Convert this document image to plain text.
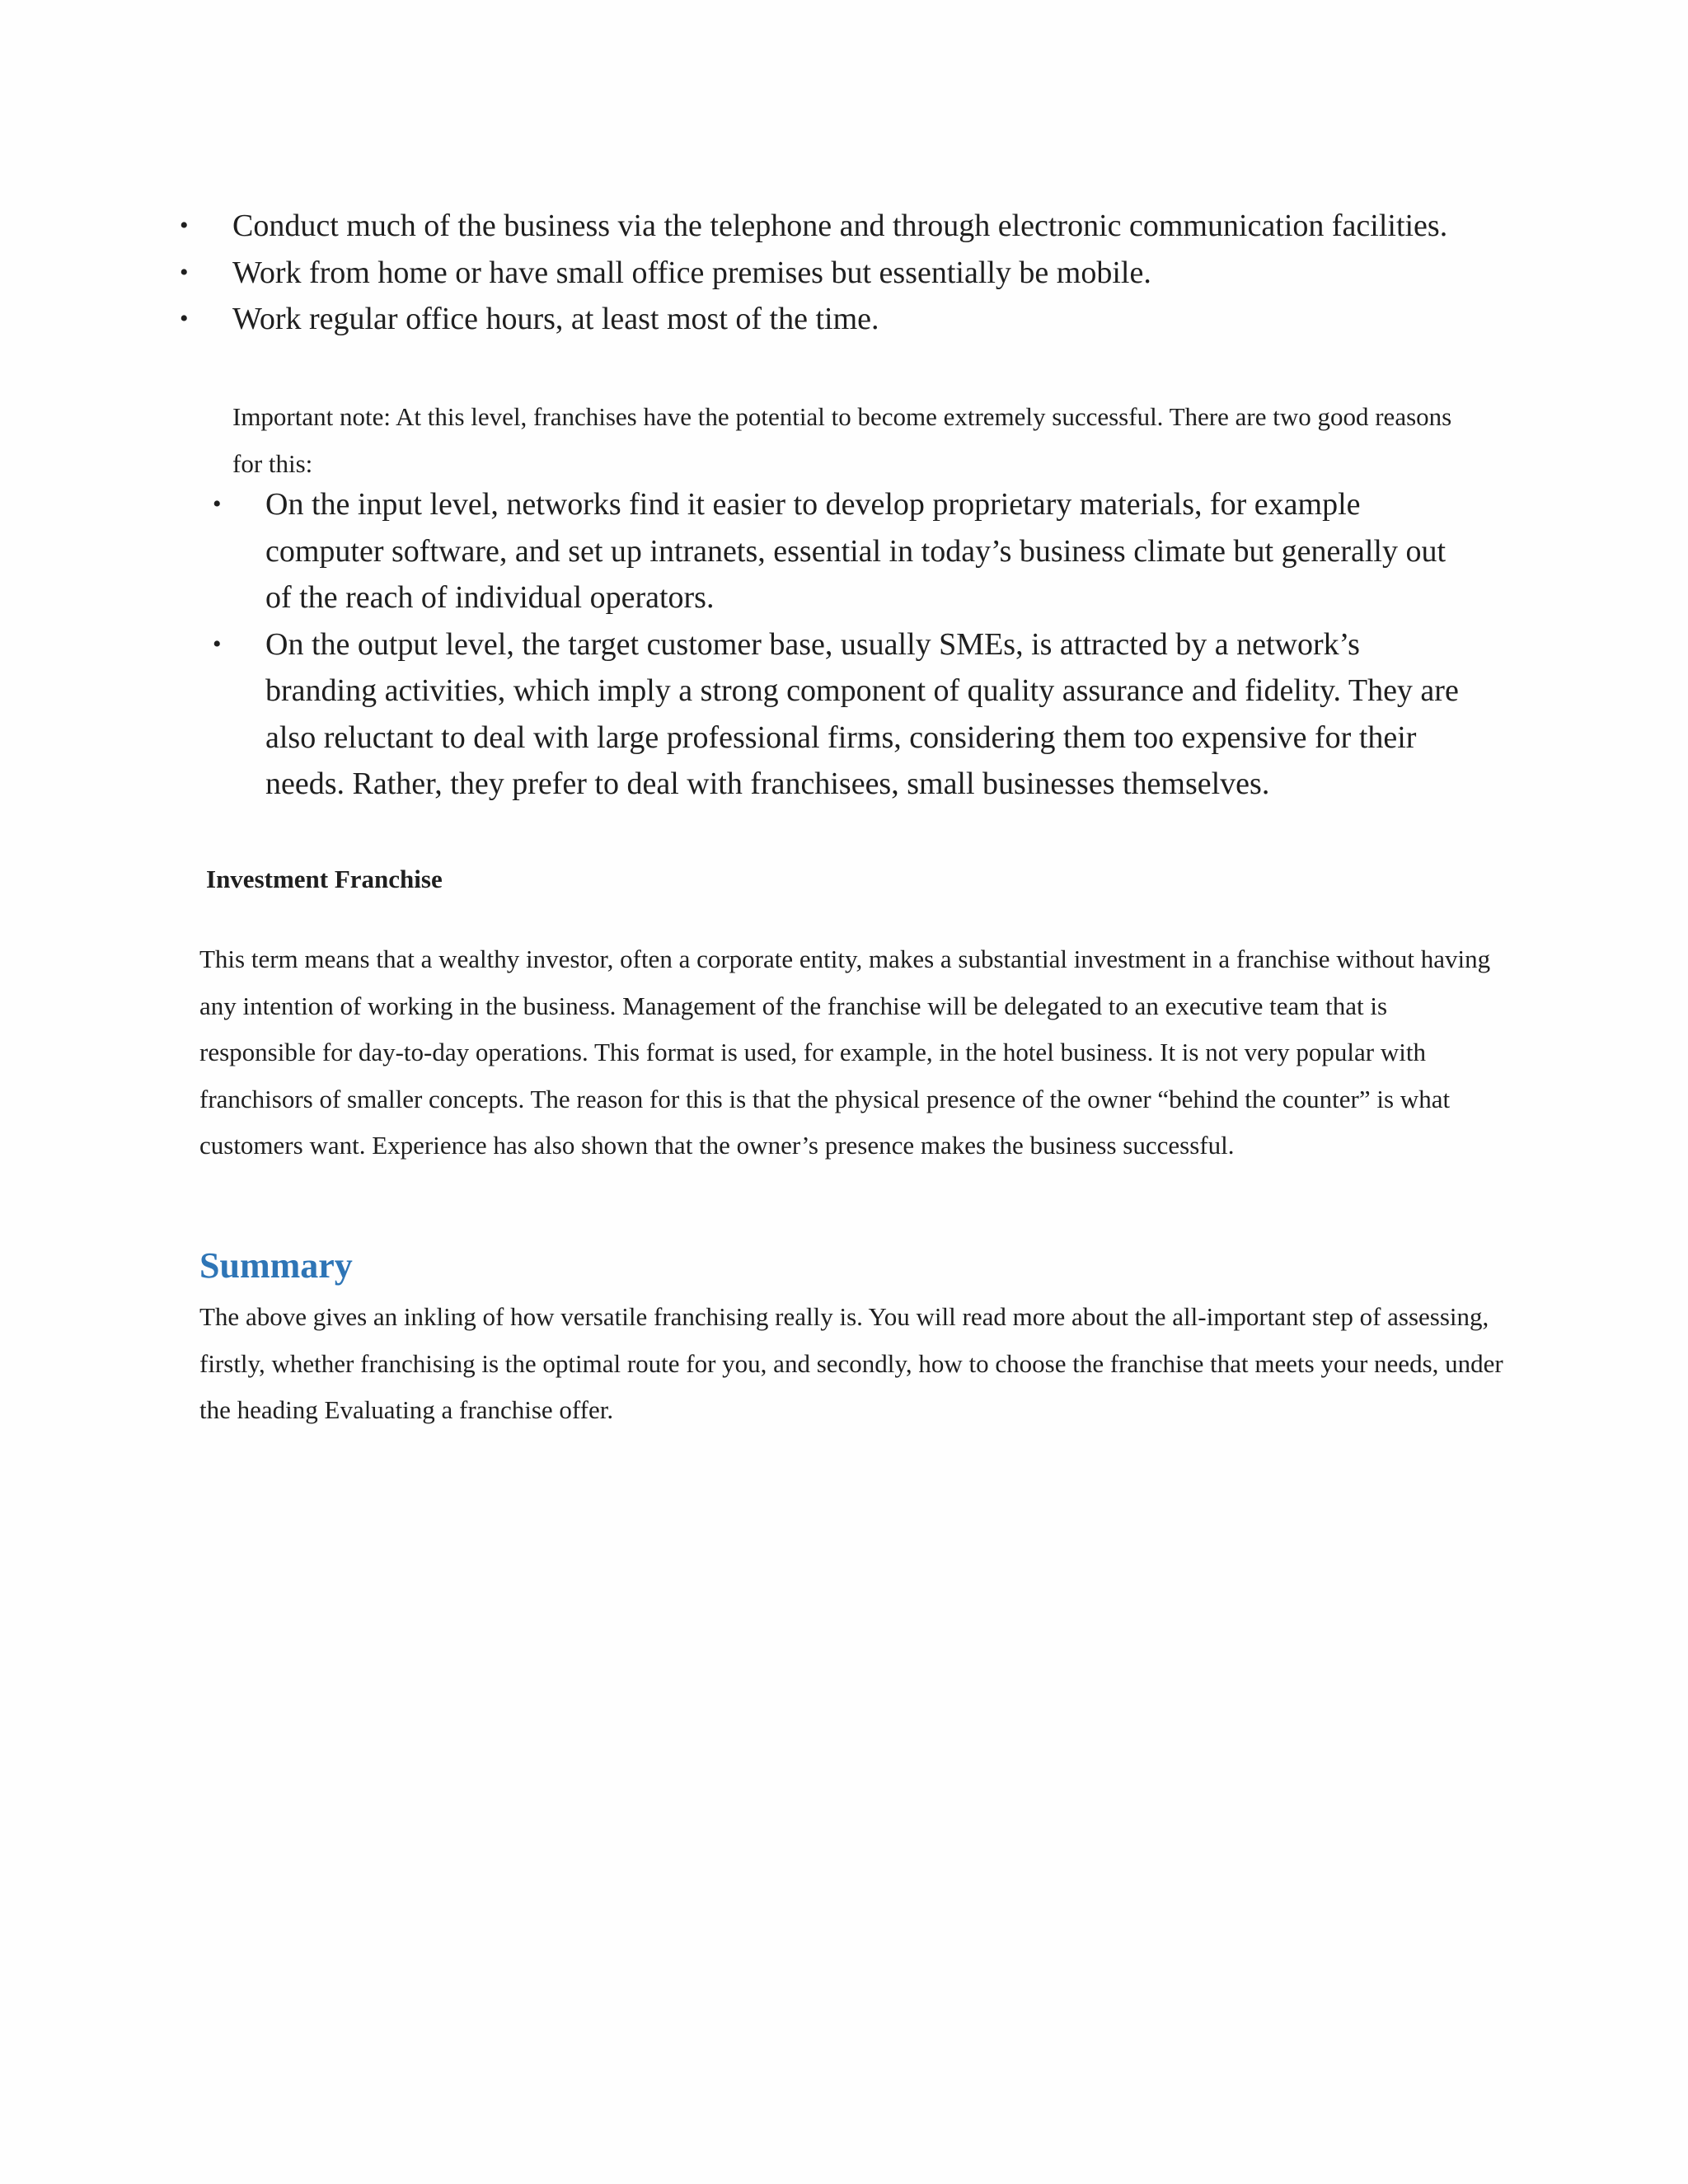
• Conduct much of the business via the telephone and through electronic communication facilities.
• Work from home or have small office premises but essentially be mobile.
• Work regular office hours, at least most of the time.

Important note: At this level, franchises have the potential to become extremely successful. There are two good reasons for this:

• On the input level, networks find it easier to develop proprietary materials, for example computer software, and set up intranets, essential in today’s business climate but generally out of the reach of individual operators.
• On the output level, the target customer base, usually SMEs, is attracted by a network’s branding activities, which imply a strong component of quality assurance and fidelity. They are also reluctant to deal with large professional firms, considering them too expensive for their needs. Rather, they prefer to deal with franchisees, small businesses themselves.
Investment Franchise

This term means that a wealthy investor, often a corporate entity, makes a substantial investment in a franchise without having any intention of working in the business. Management of the franchise will be delegated to an executive team that is responsible for day-to-day operations. This format is used, for example, in the hotel business. It is not very popular with franchisors of smaller concepts. The reason for this is that the physical presence of the owner “behind the counter” is what customers want. Experience has also shown that the owner’s presence makes the business successful.

Summary

The above gives an inkling of how versatile franchising really is. You will read more about the all-important step of assessing, firstly, whether franchising is the optimal route for you, and secondly, how to choose the franchise that meets your needs, under the heading Evaluating a franchise offer.
